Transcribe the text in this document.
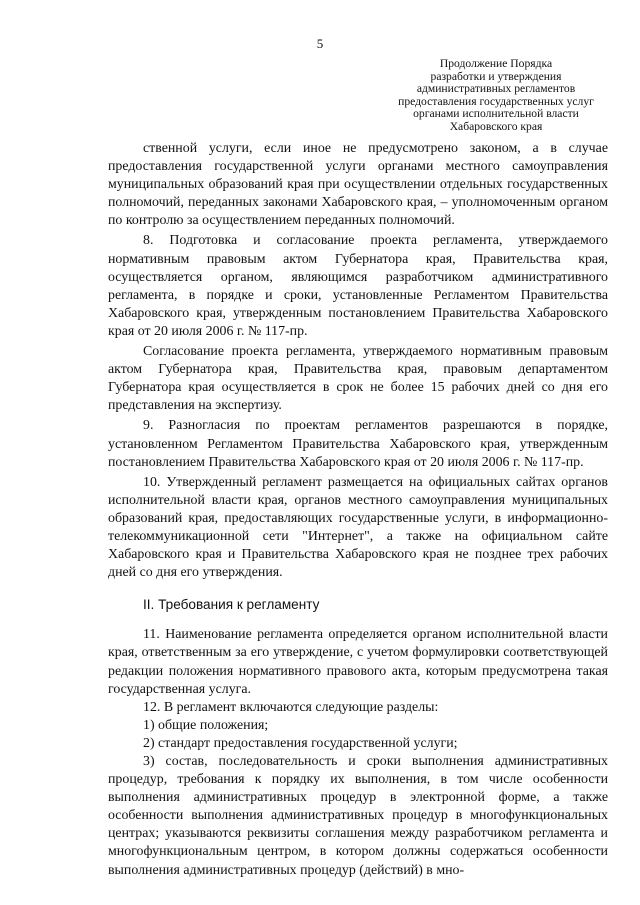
5
Продолжение Порядка
разработки и утверждения
административных регламентов
предоставления государственных услуг
органами исполнительной власти
Хабаровского края

ственной услуги, если иное не предусмотрено законом, а в случае предоставления государственной услуги органами местного самоуправления муниципальных образований края при осуществлении отдельных государственных полномочий, переданных законами Хабаровского края, – уполномоченным органом по контролю за осуществлением переданных полномочий.

8. Подготовка и согласование проекта регламента, утверждаемого нормативным правовым актом Губернатора края, Правительства края, осуществляется органом, являющимся разработчиком административного регламента, в порядке и сроки, установленные Регламентом Правительства Хабаровского края, утвержденным постановлением Правительства Хабаровского края от 20 июля 2006 г. № 117-пр.

Согласование проекта регламента, утверждаемого нормативным правовым актом Губернатора края, Правительства края, правовым департаментом Губернатора края осуществляется в срок не более 15 рабочих дней со дня его представления на экспертизу.

9. Разногласия по проектам регламентов разрешаются в порядке, установленном Регламентом Правительства Хабаровского края, утвержденным постановлением Правительства Хабаровского края от 20 июля 2006 г. № 117-пр.

10. Утвержденный регламент размещается на официальных сайтах органов исполнительной власти края, органов местного самоуправления муниципальных образований края, предоставляющих государственные услуги, в информационно-телекоммуникационной сети "Интернет", а также на официальном сайте Хабаровского края и Правительства Хабаровского края не позднее трех рабочих дней со дня его утверждения.

II. Требования к регламенту

11. Наименование регламента определяется органом исполнительной власти края, ответственным за его утверждение, с учетом формулировки соответствующей редакции положения нормативного правового акта, которым предусмотрена такая государственная услуга.

12. В регламент включаются следующие разделы:

1) общие положения;

2) стандарт предоставления государственной услуги;

3) состав, последовательность и сроки выполнения административных процедур, требования к порядку их выполнения, в том числе особенности выполнения административных процедур в электронной форме, а также особенности выполнения административных процедур в многофункциональных центрах; указываются реквизиты соглашения между разработчиком регламента и многофункциональным центром, в котором должны содержаться особенности выполнения административных процедур (действий) в мно-
